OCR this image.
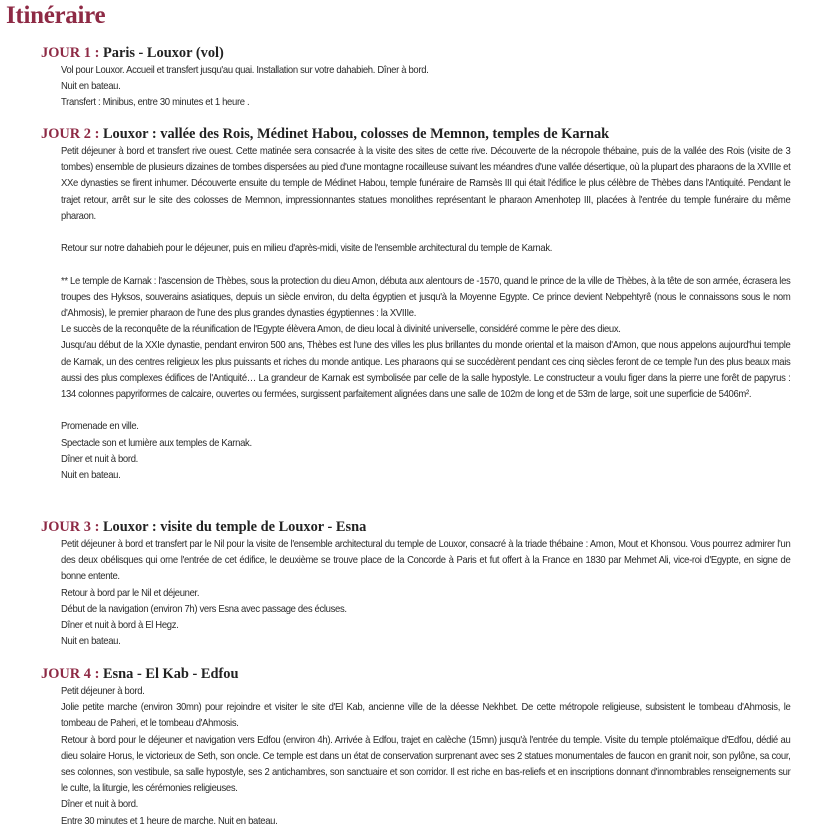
Itinéraire
JOUR 1 : Paris - Louxor (vol)

Vol pour Louxor. Accueil et transfert jusqu'au quai. Installation sur votre dahabieh. Dîner à bord.

Nuit en bateau.

Transfert : Minibus, entre 30 minutes et 1 heure .

JOUR 2 : Louxor : vallée des Rois, Médinet Habou, colosses de Memnon, temples de Karnak

Petit déjeuner à bord et transfert rive ouest. Cette matinée sera consacrée à la visite des sites de cette rive. Découverte de la nécropole thébaine, puis de la vallée des Rois (visite de 3 tombes) ensemble de plusieurs dizaines de tombes dispersées au pied d'une montagne rocailleuse suivant les méandres d'une vallée désertique, où la plupart des pharaons de la XVIIIe et XXe dynasties se firent inhumer. Découverte ensuite du temple de Médinet Habou, temple funéraire de Ramsès III qui était l'édifice le plus célèbre de Thèbes dans l'Antiquité. Pendant le trajet retour, arrêt sur le site des colosses de Memnon, impressionnantes statues monolithes représentant le pharaon Amenhotep III, placées à l'entrée du temple funéraire du même pharaon.

Retour sur notre dahabieh pour le déjeuner, puis en milieu d'après-midi, visite de l'ensemble architectural du temple de Karnak.

** Le temple de Karnak : l'ascension de Thèbes, sous la protection du dieu Amon, débuta aux alentours de -1570, quand le prince de la ville de Thèbes, à la tête de son armée, écrasera les troupes des Hyksos, souverains asiatiques, depuis un siècle environ, du delta égyptien et jusqu'à la Moyenne Egypte. Ce prince devient Nebpehtyrê (nous le connaissons sous le nom d'Ahmosis), le premier pharaon de l'une des plus grandes dynasties égyptiennes : la XVIIIe.

Le succès de la reconquête de la réunification de l'Egypte élèvera Amon, de dieu local à divinité universelle, considéré comme le père des dieux.

Jusqu'au début de la XXIe dynastie, pendant environ 500 ans, Thèbes est l'une des villes les plus brillantes du monde oriental et la maison d'Amon, que nous appelons aujourd'hui temple de Karnak, un des centres religieux les plus puissants et riches du monde antique. Les pharaons qui se succédèrent pendant ces cinq siècles feront de ce temple l'un des plus beaux mais aussi des plus complexes édifices de l'Antiquité… La grandeur de Karnak est symbolisée par celle de la salle hypostyle. Le constructeur a voulu figer dans la pierre une forêt de papyrus : 134 colonnes papyriformes de calcaire, ouvertes ou fermées, surgissent parfaitement alignées dans une salle de 102m de long et de 53m de large, soit une superficie de 5406m².

Promenade en ville.

Spectacle son et lumière aux temples de Karnak.

Dîner et nuit à bord.

Nuit en bateau.

JOUR 3 : Louxor : visite du temple de Louxor - Esna

Petit déjeuner à bord et transfert par le Nil pour la visite de l'ensemble architectural du temple de Louxor, consacré à la triade thébaine : Amon, Mout et Khonsou. Vous pourrez admirer l'un des deux obélisques qui orne l'entrée de cet édifice, le deuxième se trouve place de la Concorde à Paris et fut offert à la France en 1830 par Mehmet Ali, vice-roi d'Egypte, en signe de bonne entente.

Retour à bord par le Nil et déjeuner.

Début de la navigation (environ 7h) vers Esna avec passage des écluses.

Dîner et nuit à bord à El Hegz.

Nuit en bateau.

JOUR 4 : Esna - El Kab - Edfou

Petit déjeuner à bord.

Jolie petite marche (environ 30mn) pour rejoindre et visiter le site d'El Kab, ancienne ville de la déesse Nekhbet. De cette métropole religieuse, subsistent le tombeau d'Ahmosis, le tombeau de Paheri, et le tombeau d'Ahmosis.

Retour à bord pour le déjeuner et navigation vers Edfou (environ 4h). Arrivée à Edfou, trajet en calèche (15mn) jusqu'à l'entrée du temple. Visite du temple ptolémaïque d'Edfou, dédié au dieu solaire Horus, le victorieux de Seth, son oncle. Ce temple est dans un état de conservation surprenant avec ses 2 statues monumentales de faucon en granit noir, son pylône, sa cour, ses colonnes, son vestibule, sa salle hypostyle, ses 2 antichambres, son sanctuaire et son corridor. Il est riche en bas-reliefs et en inscriptions donnant d'innombrables renseignements sur le culte, la liturgie, les cérémonies religieuses.

Dîner et nuit à bord.

Entre 30 minutes et 1 heure de marche. Nuit en bateau.
